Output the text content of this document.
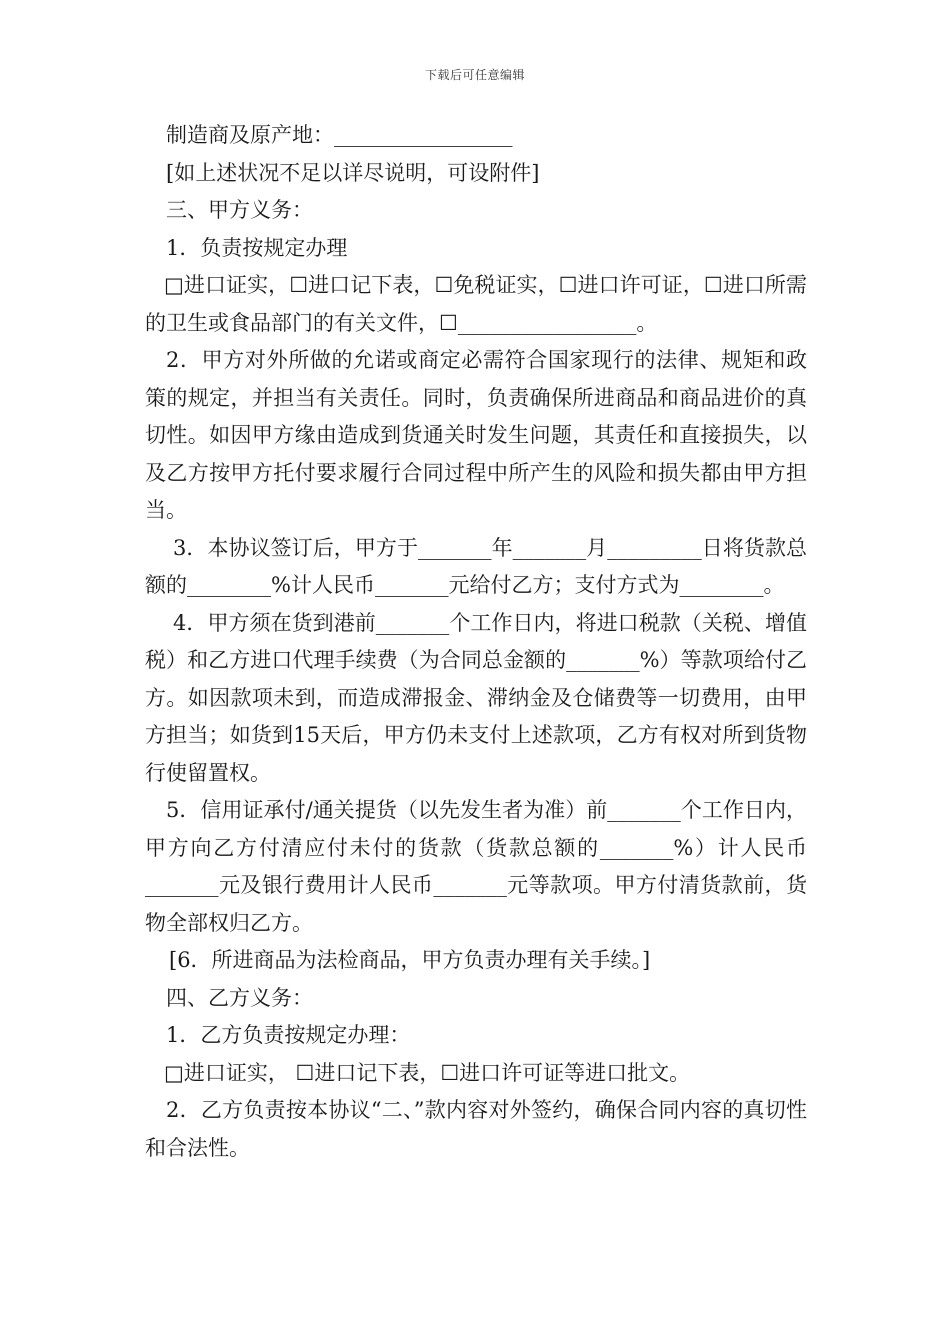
下载后可任意编辑

制造商及原产地：_________________

[如上述状况不足以详尽说明，可设附件]

三、甲方义务：

1．负责按规定办理

□进口证实，☐进口记下表，☐免税证实，☐进口许可证，☐进口所需的卫生或食品部门的有关文件，☐_________________。

2．甲方对外所做的允诺或商定必需符合国家现行的法律、规矩和政策的规定，并担当有关责任。同时，负责确保所进商品和商品进价的真切性。如因甲方缘由造成到货通关时发生问题，其责任和直接损失，以及乙方按甲方托付要求履行合同过程中所产生的风险和损失都由甲方担当。

3．本协议签订后，甲方于_______年_______月_________日将货款总额的________%计人民币_______元给付乙方；支付方式为________。

4．甲方须在货到港前_______个工作日内，将进口税款（关税、增值税）和乙方进口代理手续费（为合同总金额的_______%）等款项给付乙方。如因款项未到，而造成滞报金、滞纳金及仓储费等一切费用，由甲方担当；如货到15天后，甲方仍未支付上述款项，乙方有权对所到货物行使留置权。

5．信用证承付/通关提货（以先发生者为准）前_______个工作日内，甲方向乙方付清应付未付的货款（货款总额的_______%）计人民币_______元及银行费用计人民币_______元等款项。甲方付清货款前，货物全部权归乙方。

[6．所进商品为法检商品，甲方负责办理有关手续。]

四、乙方义务：

1．乙方负责按规定办理：

□进口证实， ☐进口记下表，☐进口许可证等进口批文。

2．乙方负责按本协议“二、”款内容对外签约，确保合同内容的真切性和合法性。
